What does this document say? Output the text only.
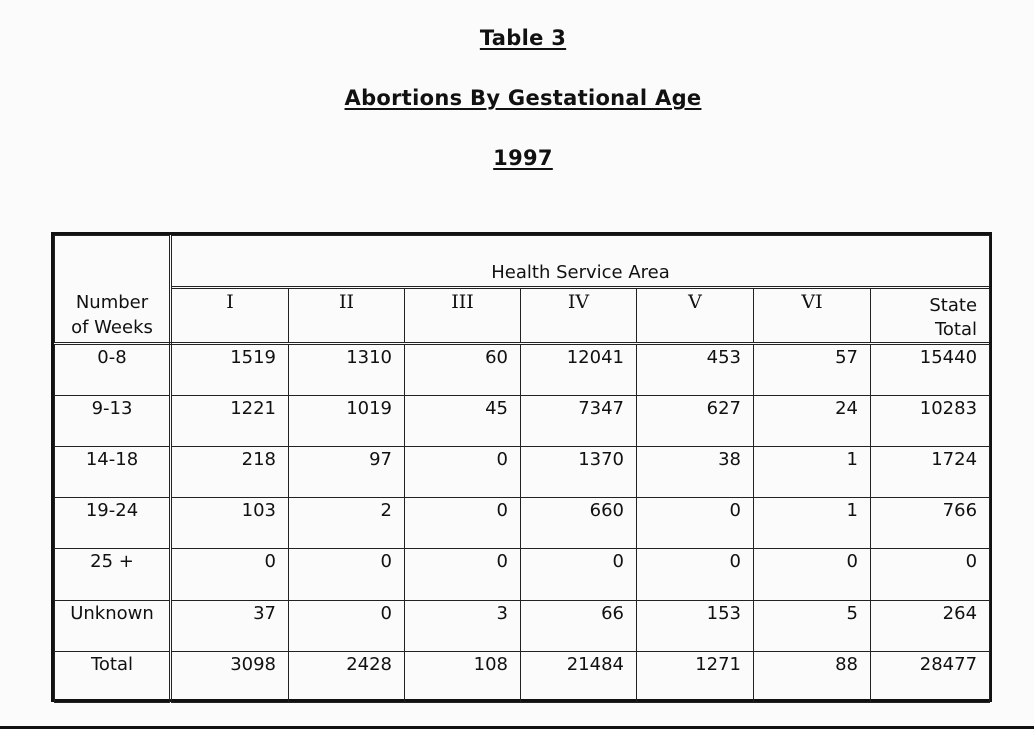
Table 3
Abortions By Gestational Age
1997
Number
of Weeks	Health Service Area						
	I	II	III	IV	V	VI	State
Total

0-8	1519	1310	60	12041	453	57	15440
9-13	1221	1019	45	7347	627	24	10283
14-18	218	97	0	1370	38	1	1724
19-24	103	2	0	660	0	1	766
25 +	0	0	0	0	0	0	0
Unknown	37	0	3	66	153	5	264
Total	3098	2428	108	21484	1271	88	28477
